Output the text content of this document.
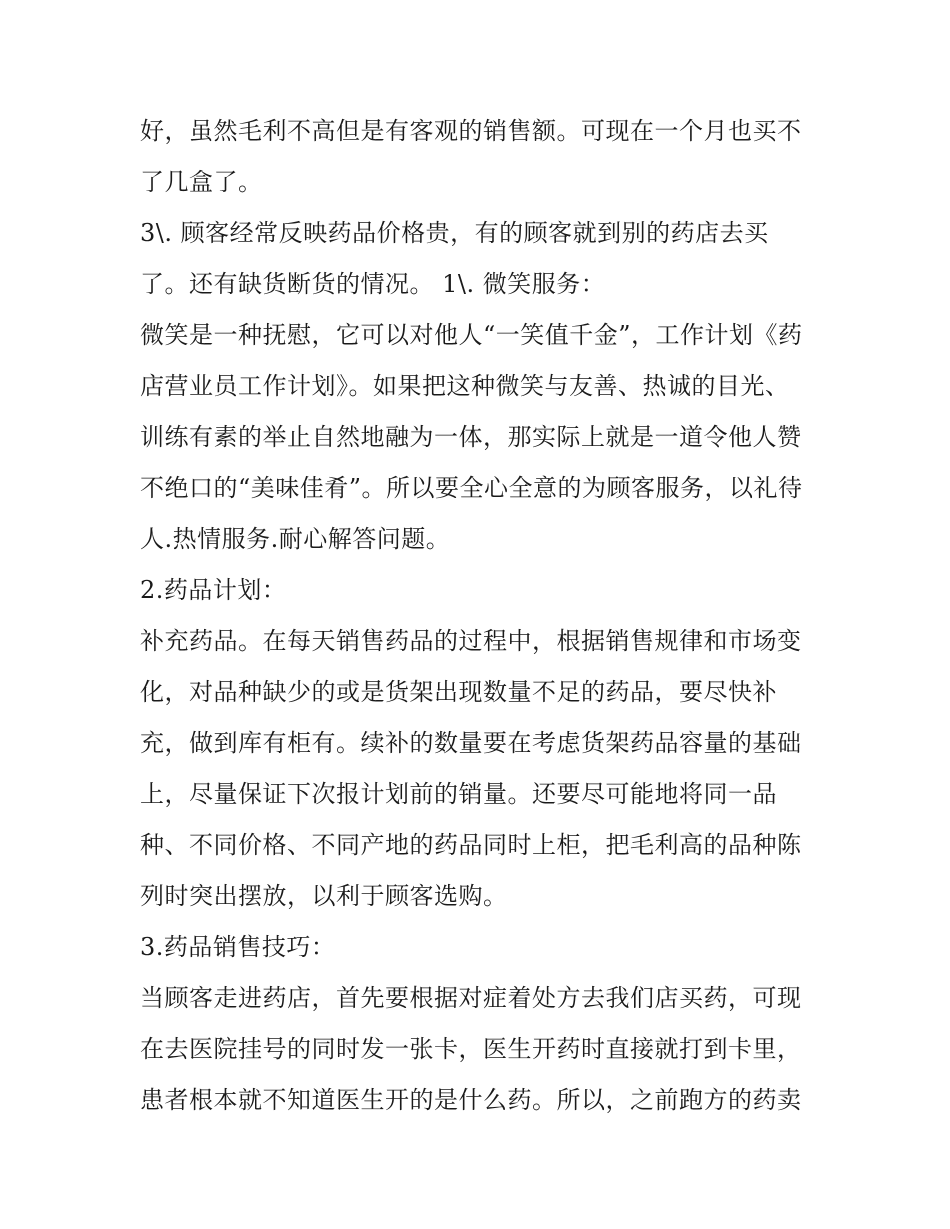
好，虽然毛利不高但是有客观的销售额。可现在一个月也买不
了几盒了。
3\. 顾客经常反映药品价格贵，有的顾客就到别的药店去买
了。还有缺货断货的情况。 1\. 微笑服务：
微笑是一种抚慰，它可以对他人“一笑值千金”，工作计划《药
店营业员工作计划》。如果把这种微笑与友善、热诚的目光、
训练有素的举止自然地融为一体，那实际上就是一道令他人赞
不绝口的“美味佳肴”。所以要全心全意的为顾客服务，以礼待
人.热情服务.耐心解答问题。
2.药品计划：
补充药品。在每天销售药品的过程中，根据销售规律和市场变
化，对品种缺少的或是货架出现数量不足的药品，要尽快补
充，做到库有柜有。续补的数量要在考虑货架药品容量的基础
上，尽量保证下次报计划前的销量。还要尽可能地将同一品
种、不同价格、不同产地的药品同时上柜，把毛利高的品种陈
列时突出摆放，以利于顾客选购。
3.药品销售技巧：
当顾客走进药店，首先要根据对症着处方去我们店买药，可现
在去医院挂号的同时发一张卡，医生开药时直接就打到卡里，
患者根本就不知道医生开的是什么药。所以，之前跑方的药卖
